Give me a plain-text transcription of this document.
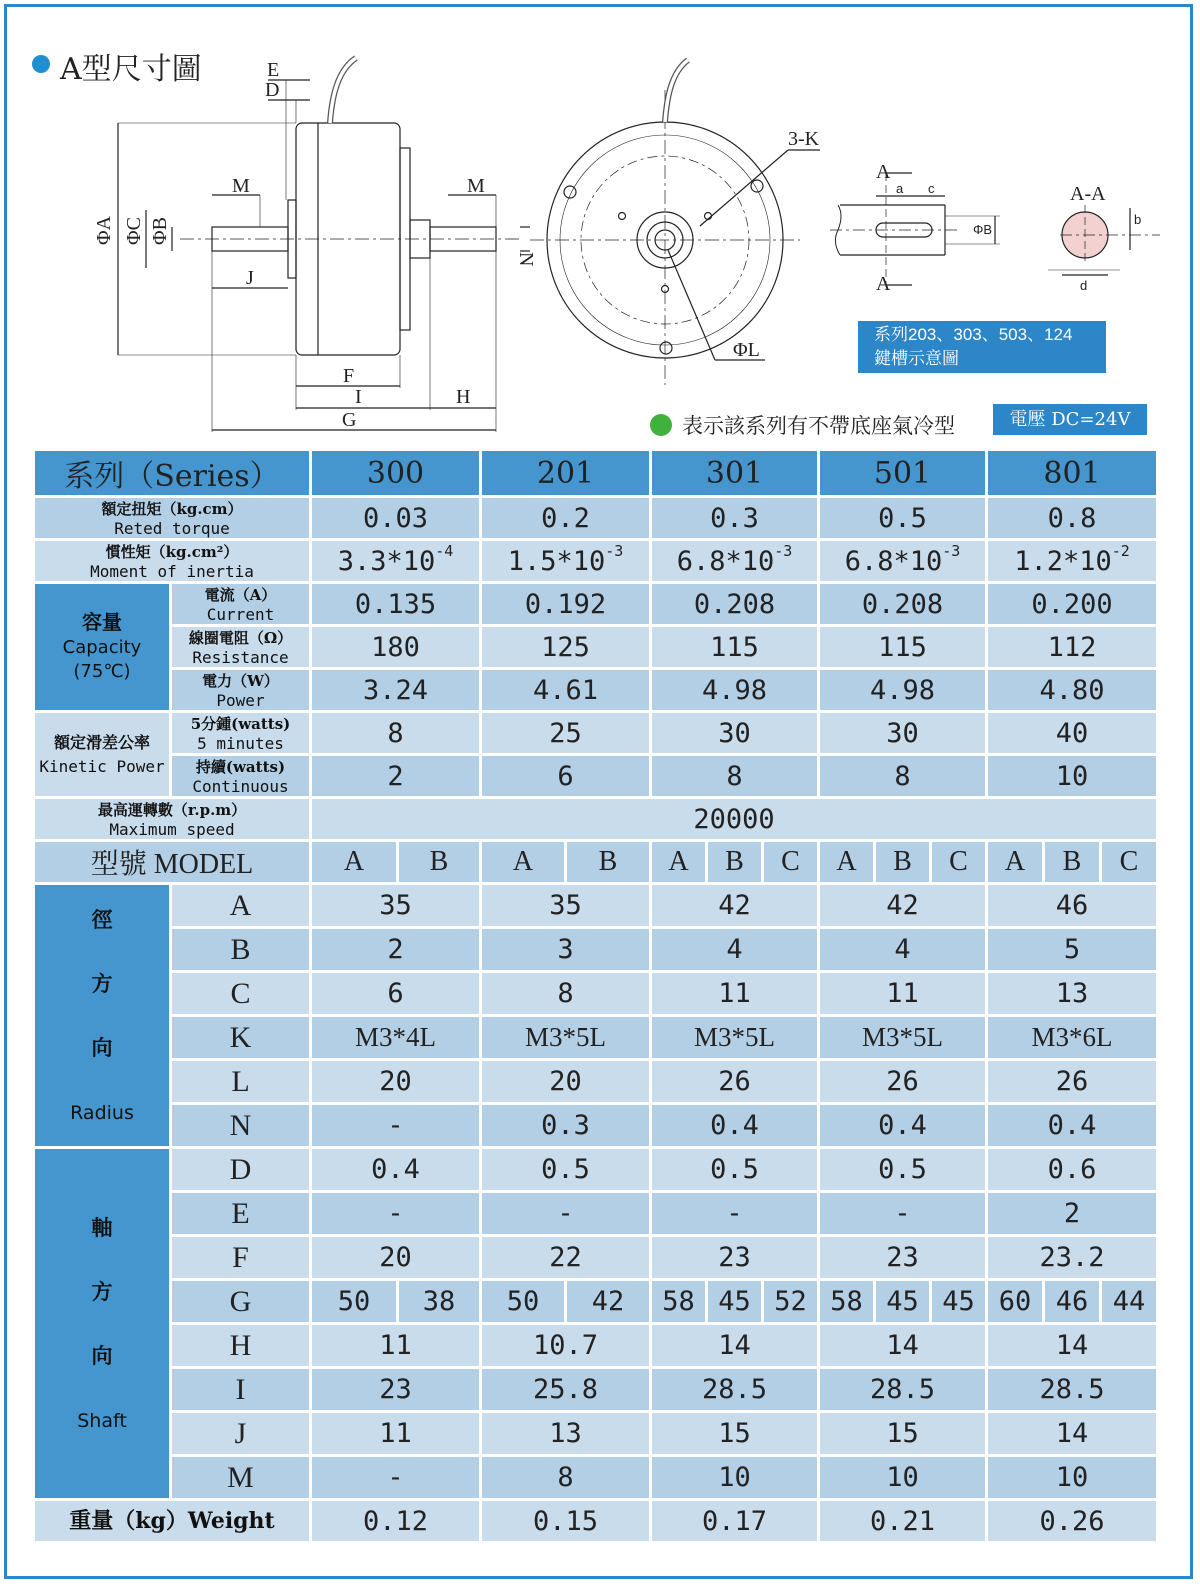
A型尺寸圖	E
D
M	M
ΦA ΦC ΦB
J
N
F
I	H
G
3-K
ΦL
A
a c
ΦB
A
A-A
b
d
系列203、303、503、124
鍵槽示意圖
表示該系列有不帶底座氣冷型	電壓 DC=24V
系列（Series）		300		201		301			501			801		
額定扭矩（kg.cm）
Reted torque		0.03		0.2		0.3			0.5			0.8		
慣性矩（kg.cm²）
Moment of inertia		$3.3*10^{-4}$		$1.5*10^{-3}$		$6.8*10^{-3}$			$6.8*10^{-3}$			$1.2*10^{-2}$
容量
Capacity
(75℃)	電流（A）
Current	0.135		0.192		0.208			0.208			0.200		
	線圈電阻（Ω）
Resistance	180		125		115			115			112		
	電力（W）
Power	3.24		4.61		4.98			4.98			4.80		
額定滑差公率
Kinetic Power	5分鍾(watts)
5 minutes	8		25		30			30			40		
	持續(watts)
Continuous	2		6		8			8			10		
最高運轉數（r.p.m）
Maximum speed		20000												
型號 MODEL		A	B	A	B	A	B	C	A	B	C	A	B	C
徑
方
向
Radius	A	35		35		42			42			46		
	B	2		3		4			4			5		
	C	6		8		11			11			13		
	K	M3*4L		M3*5L		M3*5L			M3*5L			M3*6L		
	L	20		20		26			26			26		
	N	-		0.3		0.4			0.4			0.4		
軸
方
向
Shaft	D	0.4		0.5		0.5			0.5			0.6		
	E	-		-		-			-			2		
	F	20		22		23			23			23.2		
	G	50	38	50	42	58	45	52	58	45	45	60	46	44
	H	11		10.7		14			14			14		
	I	23		25.8		28.5			28.5			28.5		
	J	11		13		15			15			14		
	M	-		8		10			10			10		
重量（kg）Weight		0.12		0.15		0.17			0.21			0.26		
